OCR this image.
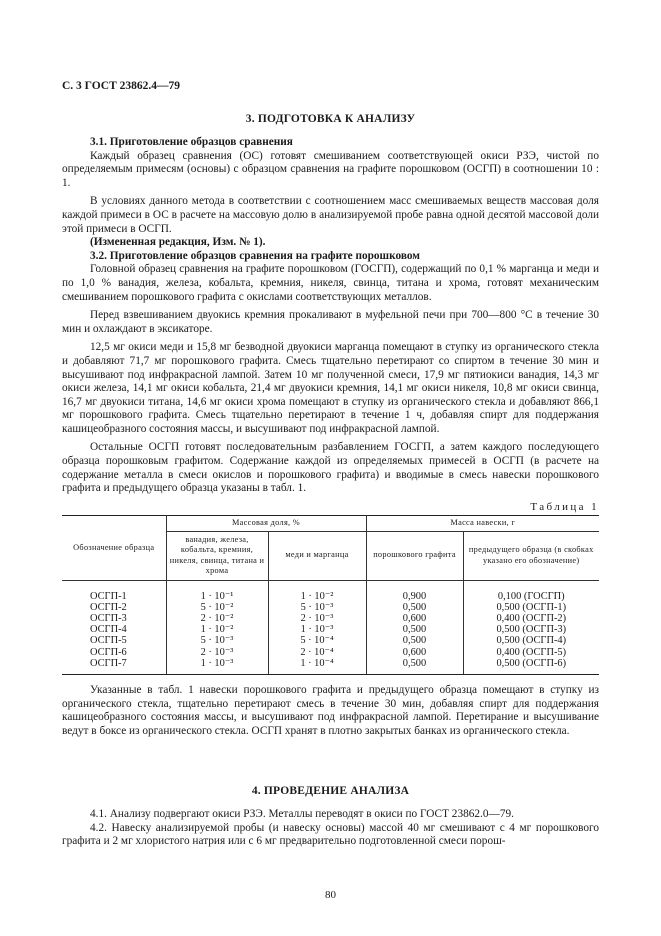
С. 3 ГОСТ 23862.4—79
3. ПОДГОТОВКА К АНАЛИЗУ

3.1. Приготовление образцов сравнения

Каждый образец сравнения (ОС) готовят смешиванием соответствующей окиси РЗЭ, чистой по определяемым примесям (основы) с образцом сравнения на графите порошковом (ОСГП) в соотношении 10 : 1.

В условиях данного метода в соответствии с соотношением масс смешиваемых веществ массовая доля каждой примеси в ОС в расчете на массовую долю в анализируемой пробе равна одной десятой массовой доли этой примеси в ОСГП.

(Измененная редакция, Изм. № 1).

3.2. Приготовление образцов сравнения на графите порошковом

Головной образец сравнения на графите порошковом (ГОСГП), содержащий по 0,1 % марганца и меди и по 1,0 % ванадия, железа, кобальта, кремния, никеля, свинца, титана и хрома, готовят механическим смешиванием порошкового графита с окислами соответствующих металлов.

Перед взвешиванием двуокись кремния прокаливают в муфельной печи при 700—800 °С в течение 30 мин и охлаждают в эксикаторе.

12,5 мг окиси меди и 15,8 мг безводной двуокиси марганца помещают в ступку из органического стекла и добавляют 71,7 мг порошкового графита. Смесь тщательно перетирают со спиртом в течение 30 мин и высушивают под инфракрасной лампой. Затем 10 мг полученной смеси, 17,9 мг пятиокиси ванадия, 14,3 мг окиси железа, 14,1 мг окиси кобальта, 21,4 мг двуокиси кремния, 14,1 мг окиси никеля, 10,8 мг окиси свинца, 16,7 мг двуокиси титана, 14,6 мг окиси хрома помещают в ступку из органического стекла и добавляют 866,1 мг порошкового графита. Смесь тщательно перетирают в течение 1 ч, добавляя спирт для поддержания кашицеобразного состояния массы, и высушивают под инфракрасной лампой.

Остальные ОСГП готовят последовательным разбавлением ГОСГП, а затем каждого последующего образца порошковым графитом. Содержание каждой из определяемых примесей в ОСГП (в расчете на содержание металла в смеси окислов и порошкового графита) и вводимые в смесь навески порошкового графита и предыдущего образца указаны в табл. 1.

Таблица 1
Обозначение образца	Массовая доля, %		Масса навески, г	
	ванадия, железа, кобальта, кремния, никеля, свинца, титана и хрома	меди и марганца	порошкового графита	предыдущего образца (в скобках указано его обозначение)
ОСГП-1	1 · 10⁻¹	1 · 10⁻²	0,900	0,100 (ГОСГП)
ОСГП-2	5 · 10⁻²	5 · 10⁻³	0,500	0,500 (ОСГП-1)
ОСГП-3	2 · 10⁻²	2 · 10⁻³	0,600	0,400 (ОСГП-2)
ОСГП-4	1 · 10⁻²	1 · 10⁻³	0,500	0,500 (ОСГП-3)
ОСГП-5	5 · 10⁻³	5 · 10⁻⁴	0,500	0,500 (ОСГП-4)
ОСГП-6	2 · 10⁻³	2 · 10⁻⁴	0,600	0,400 (ОСГП-5)
ОСГП-7	1 · 10⁻³	1 · 10⁻⁴	0,500	0,500 (ОСГП-6)

Указанные в табл. 1 навески порошкового графита и предыдущего образца помещают в ступку из органического стекла, тщательно перетирают смесь в течение 30 мин, добавляя спирт для поддержания кашицеобразного состояния массы, и высушивают под инфракрасной лампой. Перетирание и высушивание ведут в боксе из органического стекла. ОСГП хранят в плотно закрытых банках из органического стекла.

4. ПРОВЕДЕНИЕ АНАЛИЗА

4.1. Анализу подвергают окиси РЗЭ. Металлы переводят в окиси по ГОСТ 23862.0—79.

4.2. Навеску анализируемой пробы (и навеску основы) массой 40 мг смешивают с 4 мг порошкового графита и 2 мг хлористого натрия или с 6 мг предварительно подготовленной смеси порош-

80
